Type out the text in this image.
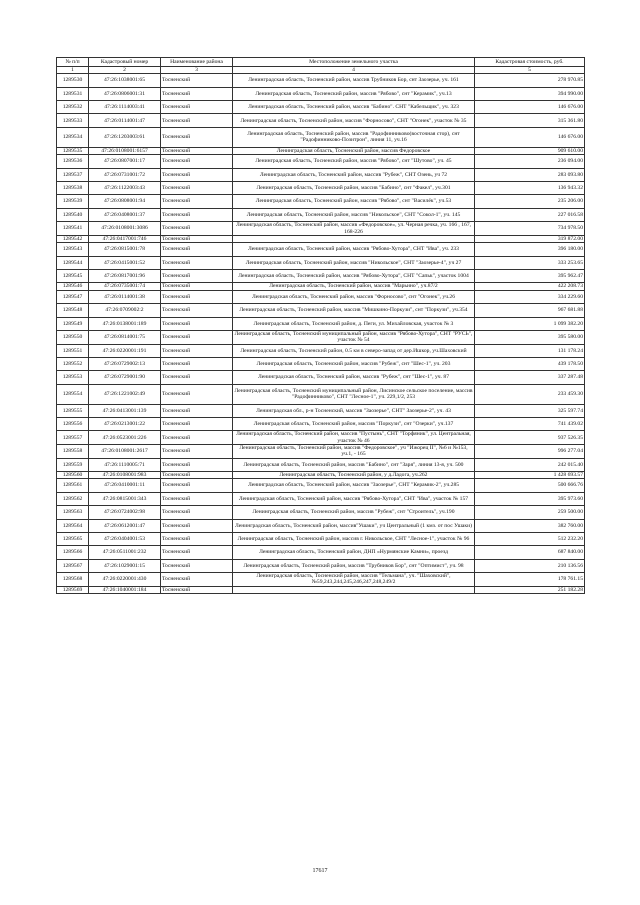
№ п/п	Кадастровый номер	Наименование района	Местоположение земельного участка	Кадастровая стоимость, руб.
1	2	3	4	5
1289530	47:26:1038001:65	Тосненский	Ленинградская область, Тосненский район, массив Трубников Бор, снт Заозерье, уч. 161	278 970.85
1289531	47:26:0806001:31	Тосненский	Ленинградская область, Тосненский район, массив "Рябово", снт "Керамик", уч.13	394 990.00
1289532	47:26:1114003:41	Тосненский	Ленинградская область, Тосненский район, массив "Бабино". СНТ "Кабельщик", уч. 323	146 676.00
1289533	47:26:0114001:47	Тосненский	Ленинградская область, Тосненский район, массив "Форносово", СНТ "Огонек", участок № 35	315 361.80
1289534	47:26:1203003:61	Тосненский	Ленинградская область, Тосненский район, массив "Радофинниково(восточная стор), снт "Радофинниково-Позитрон", линия 11, уч.16	146 676.00
1289535	47:26:0108001:6157	Тосненский	Ленинградская область, Тосненский район, массив Федоровское	909 610.00
1289536	47:26:0807001:17	Тосненский	Ленинградская область, Тосненский район, массив "Рябово", снт "Шутово", уч. 45	236 094.00
1289537	47:26:0731001:72	Тосненский	Ленинградская область, Тосненский район, массив "Рубеж", СНТ Озень, уч 72	283 093.80
1289538	47:26:1122003:43	Тосненский	Ленинградская область, Тосненский район, массив "Бабино", снт "Факел", уч.301	136 943.32
1289539	47:26:0808001:94	Тосненский	Ленинградская область, Тосненский район, массив "Рябово", снт "Василёк", уч.53	235 206.00
1289540	47:26:0408001:37	Тосненский	Ленинградская область, Тосненский район, массив "Никольское", СНТ "Сокол-1", уч. 145	227 016.58
1289541	47:26:0108001:3086	Тосненский	Ленинградская область, Тосненский район, массив «Федоровское», ул. Черная речка, уч. 166 , 167, 168-226	734 978.50
1289542	47:26:0417001:746	Тосненский		319 872.00
1289543	47:26:0815001:78	Тосненский	Ленинградская область, Тосненский район, массив "Рябово-Хутора", СНТ "Ива", уч. 233	396 180.00
1289544	47:26:0415001:52	Тосненский	Ленинградская область, Тосненский район, массив "Никольское", СНТ "Заозерье-4", уч 27	333 253.65
1289545	47:26:0817001:96	Тосненский	Ленинградская область, Тосненский район, массив "Рябово-Хутора", СНТ "Сапьк", участок 1004	395 962.47
1289546	47:26:0735001:74	Тосненский	Ленинградская область, Тосненский район, массив "Марьино", уч.87/2	422 208.73
1289547	47:26:0114001:38	Тосненский	Ленинградская область, Тосненский район, массив "Форносово", снт "Огонек", уч.26	334 229.60
1289548	47:26:0709002:2	Тосненский	Ленинградская область, Тосненский район, массив "Мишкино-Поркузи", снт "Поркузи", уч.354	967 681.88
1289549	47:26:0138001:189	Тосненский	Ленинградская область, Тосненский район, д. Пеги, ул. Михайловская, участок № 3	1 099 382.20
1289550	47:26:0814001:75	Тосненский	Ленинградская область, Тосненский муниципальный район, массив "Рябово-Хутора", СНТ "РУСЬ", участок № 54	395 580.00
1289551	47:26:0220001:191	Тосненский	Ленинградская область, Тосненский район, 0.5 км в северо-запад от дер.Ишкор, уч.Шаховский	131 178.24
1289552	47:26:0729002:13	Тосненский	Ленинградская область, Тосненский район, массив "Рубеж", снт "Шес-1", уч. 203	439 178.50
1289553	47:26:0729001:90	Тосненский	Ленинградская область, Тосненский район, массив "Рубеж", снт "Шес-1", уч. 87	337 287.48
1289554	47:26:1221002:49	Тосненский	Ленинградская область, Тосненский муниципальный район, Лисинское сельское поселение, массив "Радофинниково", СНТ "Лесное-1", уч. 229,1/2, 253	233 459.30
1289555	47:26:0413001:139	Тосненский	Ленинградская обл., р-н Тосненский, массив "Заозерье", СНТ" Заозерье-2", уч. 43	325 597.74
1289556	47:26:0213001:22	Тосненский	Ленинградская область, Тосненский район, массив "Поркузи", снт "Озерки", уч.137	741 439.02
1289557	47:26:0523001:226	Тосненский	Ленинградская область, Тосненский район, массив "Пустынь", СНТ "Торфяник", ул. Центральная, участок № 46	937 526.35
1289558	47:26:0108001:2617	Тосненский	Ленинградская область, Тосненский район, массив "Федоровское", уч "Ижорец II", №6 и №153, уч.1, - 165	996 277.04
1289559	47:26:1110005:71	Тосненский	Ленинградская область, Тосненский район, массив "Бабино", снт "Заря", линия 13-я, уч. 500	242 015.40
1289560	47:26:0108001:983	Тосненский	Ленинградская область, Тосненский район, у д.Ладога, уч.262	1 428 693.57
1289561	47:26:0410001:11	Тосненский	Ленинградская область, Тосненский район, массив "Заозерье", СНТ "Керамик-2", уч.285	500 666.76
1289562	47:26:0815001:343	Тосненский	Ленинградская область, Тосненский район, массив "Рябово-Хутора", СНТ "Ива", участок № 157	395 973.60
1289563	47:26:0724002:98	Тосненский	Ленинградская область, Тосненский район, массив "Рубеж", снт "Строитель", уч.190	259 500.00
1289564	47:26:0612001:47	Тосненский	Ленинградская область, Тосненский район, массив"Ушаки", уч Центральный (1 кмз. от пос Ушаки)	382 760.00
1289565	47:26:0404001:53	Тосненский	Ленинградская область, Тосненский район, массив г. Никольское, СНТ "Лесное-1", участок № 96	512 232.20
1289566	47:26:0511001:232	Тосненский	Ленинградская область, Тосненский район, ДНП «Нурмянские Камни», проезд	687 840.00
1289567	47:26:1029001:15	Тосненский	Ленинградская область, Тосненский район, массив "Трубников Бор", снт "Оптимист", уч. 98	210 136.56
1289568	47:26:0220001:430	Тосненский	Ленинградская область, Тосненский район, массив "Тельмана", уч. "Шаховский", №59,243,244,245,246,247,248,249/2	178 761.15
1289569	47:26:1040001:184	Тосненский		251 182.28
17617
